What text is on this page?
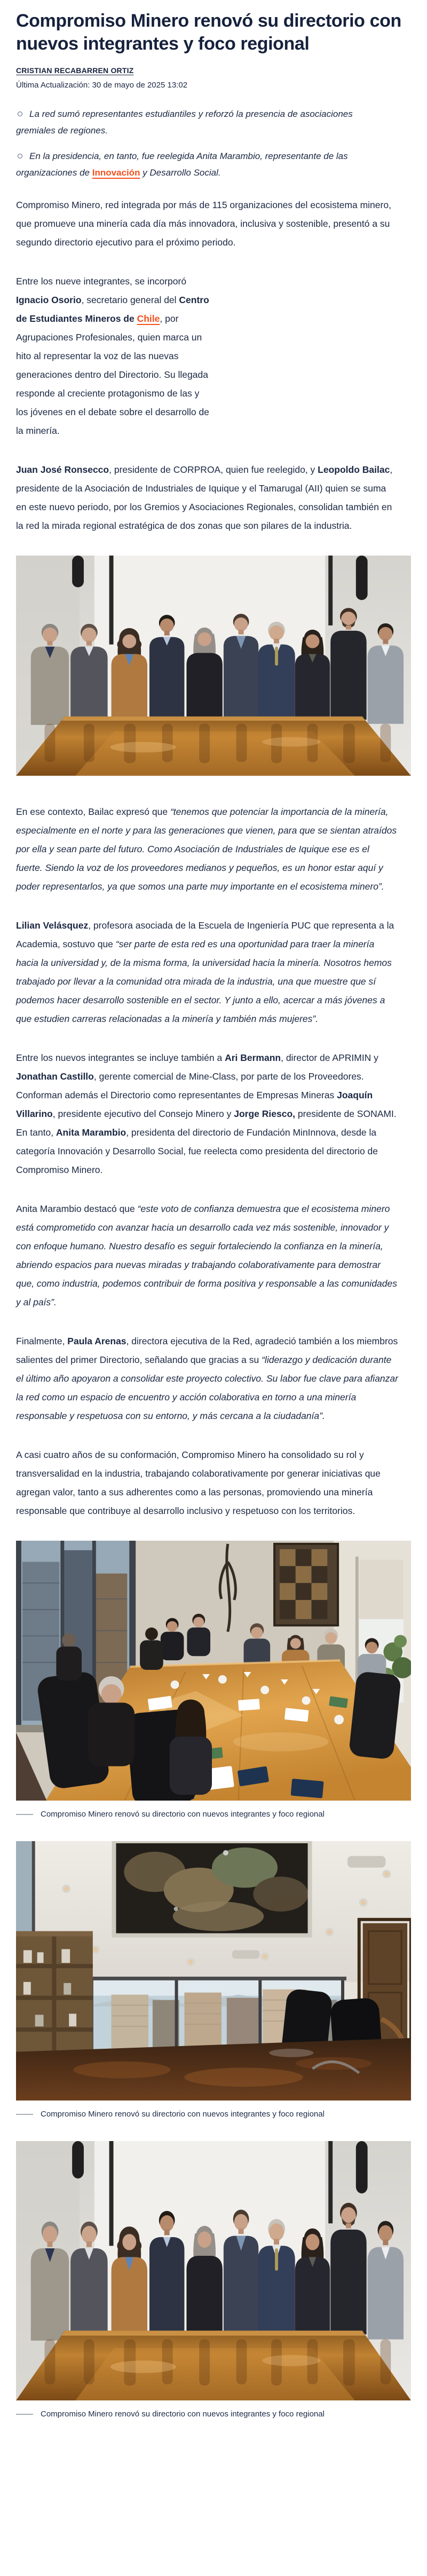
Compromiso Minero renovó su directorio con nuevos integrantes y foco regional

CRISTIAN RECABARREN ORTIZ

Última Actualización: 30 de mayo de 2025 13:02

La red sumó representantes estudiantiles y reforzó la presencia de asociaciones gremiales de regiones.
En la presidencia, en tanto, fue reelegida Anita Marambio, representante de las organizaciones de Innovación y Desarrollo Social.

Compromiso Minero, red integrada por más de 115 organizaciones del ecosistema minero, que promueve una minería cada día más innovadora, inclusiva y sostenible, presentó a su segundo directorio ejecutivo para el próximo periodo.

Entre los nueve integrantes, se incorporó Ignacio Osorio, secretario general del Centro de Estudiantes Mineros de Chile, por Agrupaciones Profesionales, quien marca un hito al representar la voz de las nuevas generaciones dentro del Directorio. Su llegada responde al creciente protagonismo de las y los jóvenes en el debate sobre el desarrollo de la minería.

Juan José Ronsecco, presidente de CORPROA, quien fue reelegido, y Leopoldo Bailac, presidente de la Asociación de Industriales de Iquique y el Tamarugal (AII) quien se suma en este nuevo periodo, por los Gremios y Asociaciones Regionales, consolidan también en la red la mirada regional estratégica de dos zonas que son pilares de la industria.

En ese contexto, Bailac expresó que “tenemos que potenciar la importancia de la minería, especialmente en el norte y para las generaciones que vienen, para que se sientan atraídos por ella y sean parte del futuro. Como Asociación de Industriales de Iquique ese es el fuerte. Siendo la voz de los proveedores medianos y pequeños, es un honor estar aquí y poder representarlos, ya que somos una parte muy importante en el ecosistema minero”.

Lilian Velásquez, profesora asociada de la Escuela de Ingeniería PUC que representa a la Academia, sostuvo que “ser parte de esta red es una oportunidad para traer la minería hacia la universidad y, de la misma forma, la universidad hacia la minería. Nosotros hemos trabajado por llevar a la comunidad otra mirada de la industria, una que muestre que sí podemos hacer desarrollo sostenible en el sector. Y junto a ello, acercar a más jóvenes a que estudien carreras relacionadas a la minería y también más mujeres”.

Entre los nuevos integrantes se incluye también a Ari Bermann, director de APRIMIN y Jonathan Castillo, gerente comercial de Mine-Class, por parte de los Proveedores. Conforman además el Directorio como representantes de Empresas Mineras Joaquín Villarino, presidente ejecutivo del Consejo Minero y Jorge Riesco, presidente de SONAMI. En tanto, Anita Marambio, presidenta del directorio de Fundación MinInnova, desde la categoría Innovación y Desarrollo Social, fue reelecta como presidenta del directorio de Compromiso Minero.

Anita Marambio destacó que “este voto de confianza demuestra que el ecosistema minero está comprometido con avanzar hacia un desarrollo cada vez más sostenible, innovador y con enfoque humano. Nuestro desafío es seguir fortaleciendo la confianza en la minería, abriendo espacios para nuevas miradas y trabajando colaborativamente para demostrar que, como industria, podemos contribuir de forma positiva y responsable a las comunidades y al país”.

Finalmente, Paula Arenas, directora ejecutiva de la Red, agradeció también a los miembros salientes del primer Directorio, señalando que gracias a su “liderazgo y dedicación durante el último año apoyaron a consolidar este proyecto colectivo. Su labor fue clave para afianzar la red como un espacio de encuentro y acción colaborativa en torno a una minería responsable y respetuosa con su entorno, y más cercana a la ciudadanía”.

A casi cuatro años de su conformación, Compromiso Minero ha consolidado su rol y transversalidad en la industria, trabajando colaborativamente por generar iniciativas que agregan valor, tanto a sus adherentes como a las personas, promoviendo una minería responsable que contribuye al desarrollo inclusivo y respetuoso con los territorios.

Compromiso Minero renovó su directorio con nuevos integrantes y foco regional
Compromiso Minero renovó su directorio con nuevos integrantes y foco regional
Compromiso Minero renovó su directorio con nuevos integrantes y foco regional
